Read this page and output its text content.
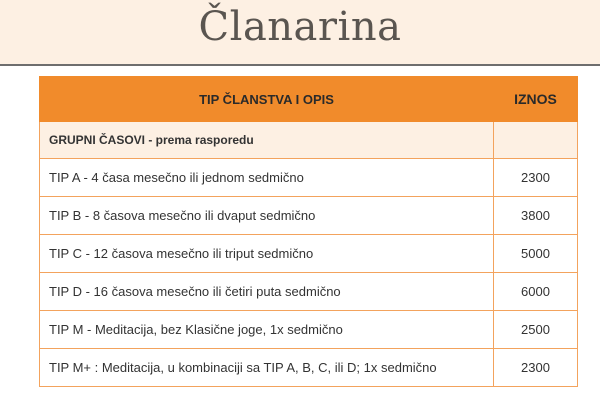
Članarina
TIP ČLANSTVA I OPIS	IZNOS
GRUPNI ČASOVI - prema rasporedu	
TIP A - 4 časa mesečno ili jednom sedmično	2300
TIP B - 8 časova mesečno ili dvaput sedmično	3800
TIP C - 12 časova mesečno ili triput sedmično	5000
TIP D - 16 časova mesečno ili četiri puta sedmično	6000
TIP M - Meditacija, bez Klasične joge, 1x sedmično	2500
TIP M+ : Meditacija, u kombinaciji sa TIP A, B, C, ili D; 1x sedmično	2300
